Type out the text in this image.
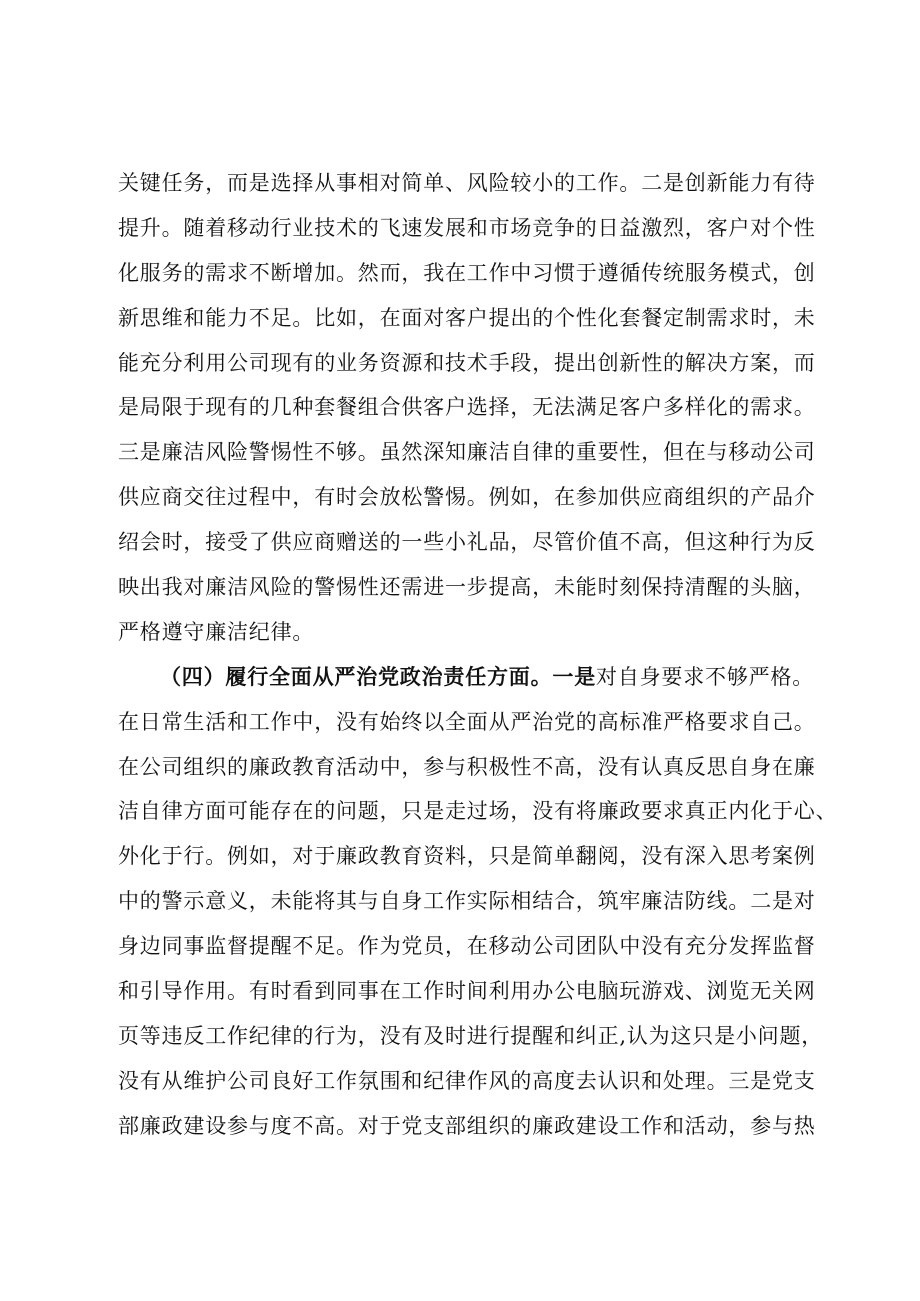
关键任务，而是选择从事相对简单、风险较小的工作。二是创新能力有待
提升。随着移动行业技术的飞速发展和市场竞争的日益激烈，客户对个性
化服务的需求不断增加。然而，我在工作中习惯于遵循传统服务模式，创
新思维和能力不足。比如，在面对客户提出的个性化套餐定制需求时，未
能充分利用公司现有的业务资源和技术手段，提出创新性的解决方案，而
是局限于现有的几种套餐组合供客户选择，无法满足客户多样化的需求。
三是廉洁风险警惕性不够。虽然深知廉洁自律的重要性，但在与移动公司
供应商交往过程中，有时会放松警惕。例如，在参加供应商组织的产品介
绍会时，接受了供应商赠送的一些小礼品，尽管价值不高，但这种行为反
映出我对廉洁风险的警惕性还需进一步提高，未能时刻保持清醒的头脑，
严格遵守廉洁纪律。
（四）履行全面从严治党政治责任方面。一是对自身要求不够严格。
在日常生活和工作中，没有始终以全面从严治党的高标准严格要求自己。
在公司组织的廉政教育活动中，参与积极性不高，没有认真反思自身在廉
洁自律方面可能存在的问题，只是走过场，没有将廉政要求真正内化于心、
外化于行。例如，对于廉政教育资料，只是简单翻阅，没有深入思考案例
中的警示意义，未能将其与自身工作实际相结合，筑牢廉洁防线。二是对
身边同事监督提醒不足。作为党员，在移动公司团队中没有充分发挥监督
和引导作用。有时看到同事在工作时间利用办公电脑玩游戏、浏览无关网
页等违反工作纪律的行为，没有及时进行提醒和纠正,认为这只是小问题，
没有从维护公司良好工作氛围和纪律作风的高度去认识和处理。三是党支
部廉政建设参与度不高。对于党支部组织的廉政建设工作和活动，参与热
